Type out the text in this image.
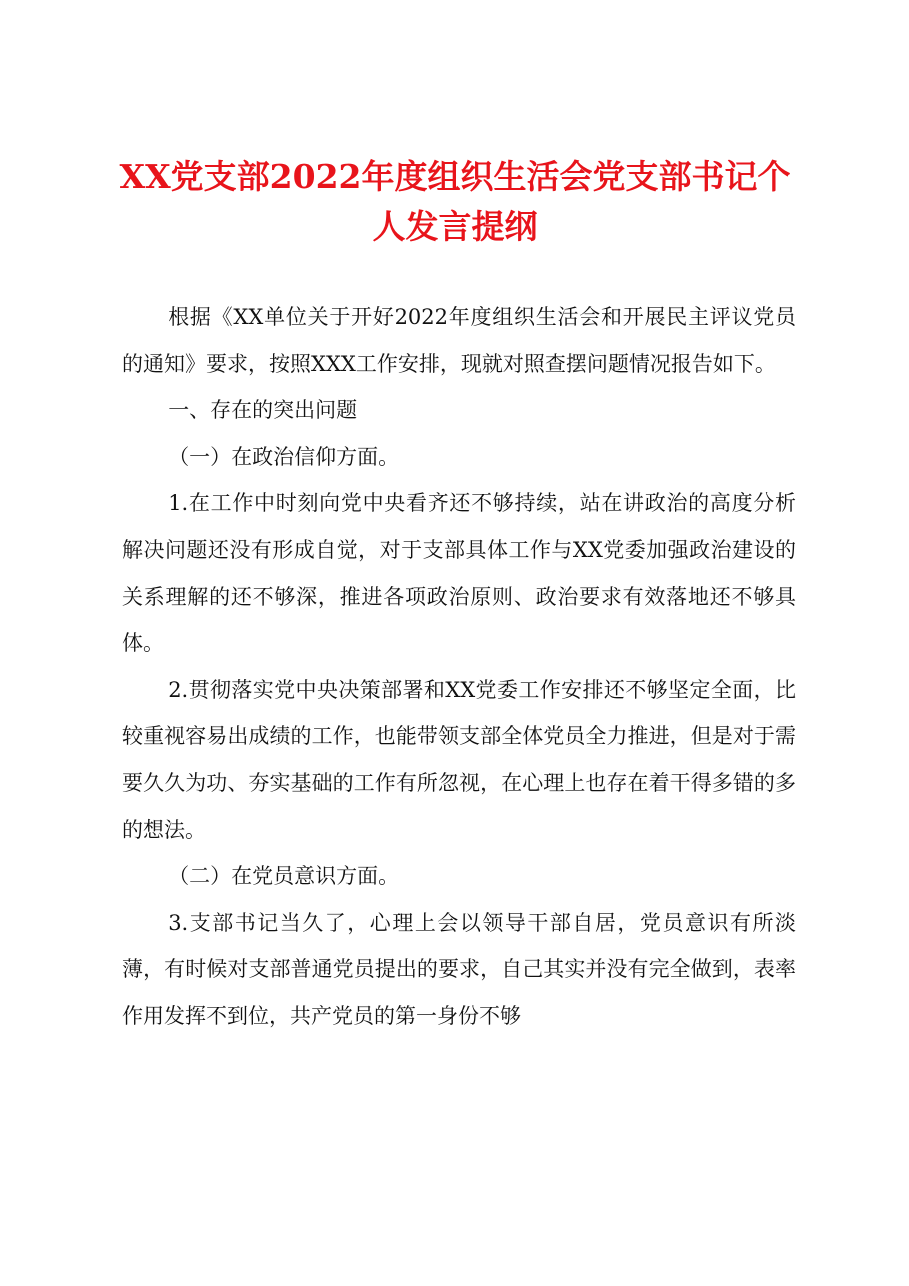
XX党支部2022年度组织生活会党支部书记个人发言提纲

根据《XX单位关于开好2022年度组织生活会和开展民主评议党员的通知》要求，按照XXX工作安排，现就对照查摆问题情况报告如下。

一、存在的突出问题

（一）在政治信仰方面。

1.在工作中时刻向党中央看齐还不够持续，站在讲政治的高度分析解决问题还没有形成自觉，对于支部具体工作与XX党委加强政治建设的关系理解的还不够深，推进各项政治原则、政治要求有效落地还不够具体。

2.贯彻落实党中央决策部署和XX党委工作安排还不够坚定全面，比较重视容易出成绩的工作，也能带领支部全体党员全力推进，但是对于需要久久为功、夯实基础的工作有所忽视，在心理上也存在着干得多错的多的想法。

（二）在党员意识方面。

3.支部书记当久了，心理上会以领导干部自居，党员意识有所淡薄，有时候对支部普通党员提出的要求，自己其实并没有完全做到，表率作用发挥不到位，共产党员的第一身份不够
